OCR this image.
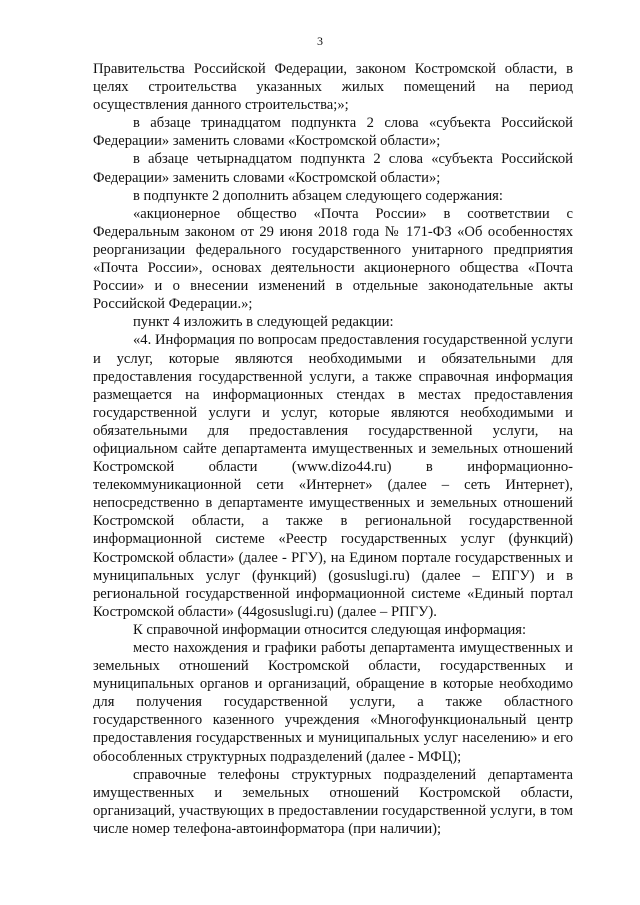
3

Правительства Российской Федерации, законом Костромской области, в целях строительства указанных жилых помещений на период осуществления данного строительства;»;

в абзаце тринадцатом подпункта 2 слова «субъекта Российской Федерации» заменить словами «Костромской области»;

в абзаце четырнадцатом подпункта 2 слова «субъекта Российской Федерации» заменить словами «Костромской области»;

в подпункте 2 дополнить абзацем следующего содержания:

«акционерное общество «Почта России» в соответствии с Федеральным законом от 29 июня 2018 года № 171-ФЗ «Об особенностях реорганизации федерального государственного унитарного предприятия «Почта России», основах деятельности акционерного общества «Почта России» и о внесении изменений в отдельные законодательные акты Российской Федерации.»;

пункт 4 изложить в следующей редакции:

«4. Информация по вопросам предоставления государственной услуги и услуг, которые являются необходимыми и обязательными для предоставления государственной услуги, а также справочная информация размещается на информационных стендах в местах предоставления государственной услуги и услуг, которые являются необходимыми и обязательными для предоставления государственной услуги, на официальном сайте департамента имущественных и земельных отношений Костромской области (www.dizo44.ru) в информационно-телекоммуникационной сети «Интернет» (далее – сеть Интернет), непосредственно в департаменте имущественных и земельных отношений Костромской области, а также в региональной государственной информационной системе «Реестр государственных услуг (функций) Костромской области» (далее - РГУ), на Едином портале государственных и муниципальных услуг (функций) (gosuslugi.ru) (далее – ЕПГУ) и в региональной государственной информационной системе «Единый портал Костромской области» (44gosuslugi.ru) (далее – РПГУ).

К справочной информации относится следующая информация:

место нахождения и графики работы департамента имущественных и земельных отношений Костромской области, государственных и муниципальных органов и организаций, обращение в которые необходимо для получения государственной услуги, а также областного государственного казенного учреждения «Многофункциональный центр предоставления государственных и муниципальных услуг населению» и его обособленных структурных подразделений (далее - МФЦ);

справочные телефоны структурных подразделений департамента имущественных и земельных отношений Костромской области, организаций, участвующих в предоставлении государственной услуги, в том числе номер телефона-автоинформатора (при наличии);
